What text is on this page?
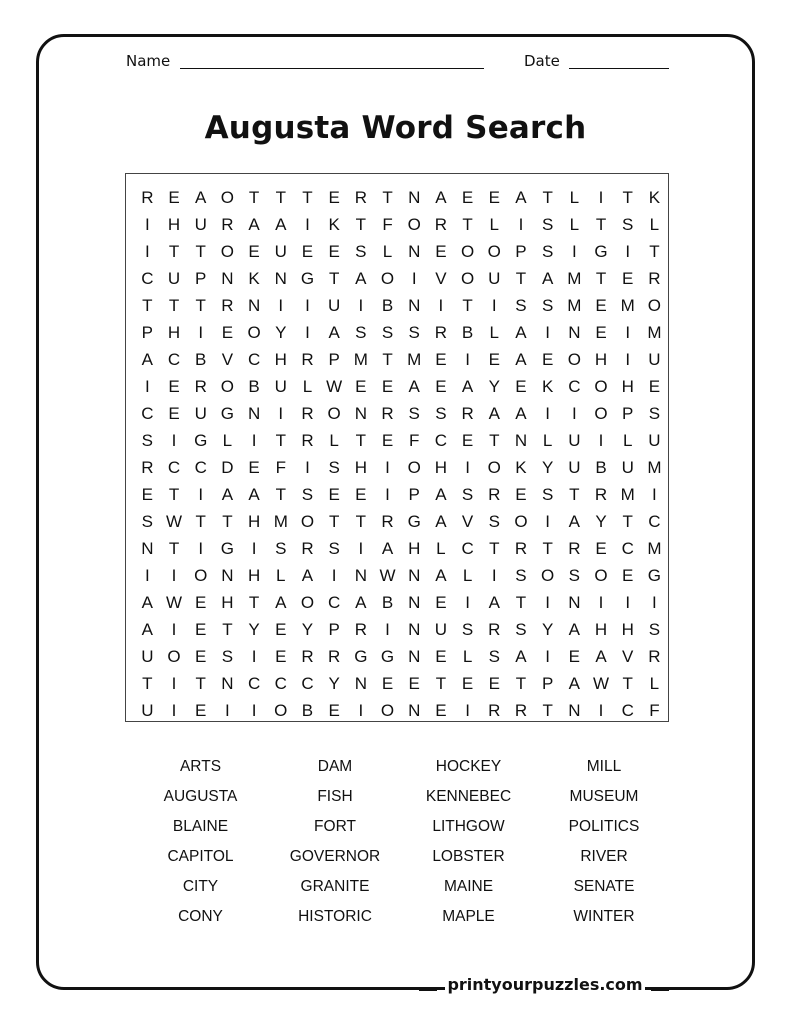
Name	Date
Augusta Word Search
R E A O T T T E R T N A E E A T L	I	T K
I	H U R A A	I	K T F O R T L	I	S L T S L
I	T T O E U E E S L N E O O P S	I	G	I	T
C U P N K N G T A O	I	V O U T A M T E R
T T T R N	I	I	U	I	B N	I	T	I	S S M E M O
P H	I	E O Y	I	A S S S R B L A	I	N E	I	M
A C B V C H R P M T M E	I	E A E O H	I	U
I	E R O B U L W E E A E A Y E K C O H E
C E U G N	I	R O N R S S R A A	I	I	O P S
S	I	G L	I	T R L T E F C E T N L U	I	L U
R C C D E F	I	S H	I	O H	I	O K Y U B U M
E T	I	A A T S E E	I	P A S R E S T R M	I
S W T T H M O T T R G A V S O	I	A Y T C
N T	I	G	I	S R S	I	A H L C T R T R E C M
I	I	O N H L A	I	N W N A L	I	S O S O E G
A W E H T A O C A B N E	I	A T	I	N	I	I	I
A	I	E T Y E Y P R	I	N U S R S Y A H H S
U O E S	I	E R R G G N E L S A	I	E A V R
T	I	T N C C C Y N E E T E E T P A W T L
U	I	E	I	I	O B E	I	O N E	I	R R T N	I	C F
ARTS	DAM	HOCKEY	MILL
AUGUSTA	FISH	KENNEBEC	MUSEUM
BLAINE	FORT	LITHGOW	POLITICS
CAPITOL	GOVERNOR	LOBSTER	RIVER
CITY	GRANITE	MAINE	SENATE
CONY	HISTORIC	MAPLE	WINTER
printyourpuzzles.com
